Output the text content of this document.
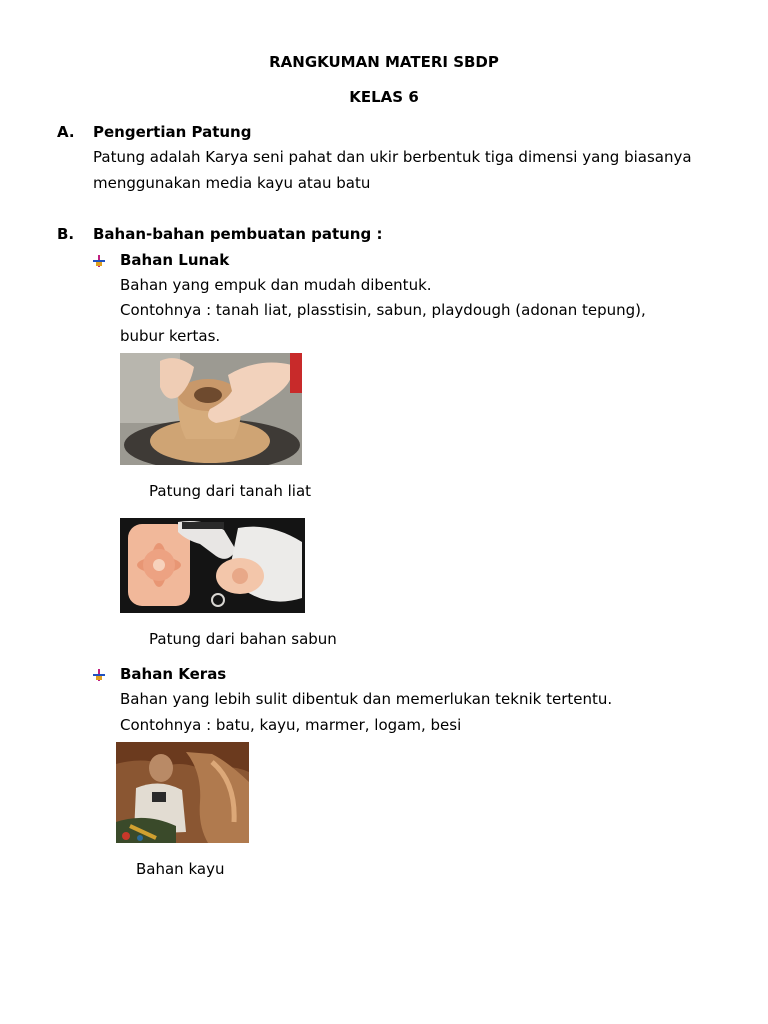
RANGKUMAN MATERI SBDP
KELAS 6
A. Pengertian Patung
Patung adalah Karya seni pahat dan ukir berbentuk tiga dimensi yang biasanya
menggunakan media kayu atau batu
B. Bahan-bahan pembuatan patung :
Bahan Lunak
Bahan yang empuk dan mudah dibentuk.
Contohnya : tanah liat, plasstisin, sabun, playdough (adonan tepung),
bubur kertas.
Patung dari tanah liat
Patung dari bahan sabun
Bahan Keras
Bahan yang lebih sulit dibentuk dan memerlukan teknik tertentu.
Contohnya : batu, kayu, marmer, logam, besi
Bahan kayu
